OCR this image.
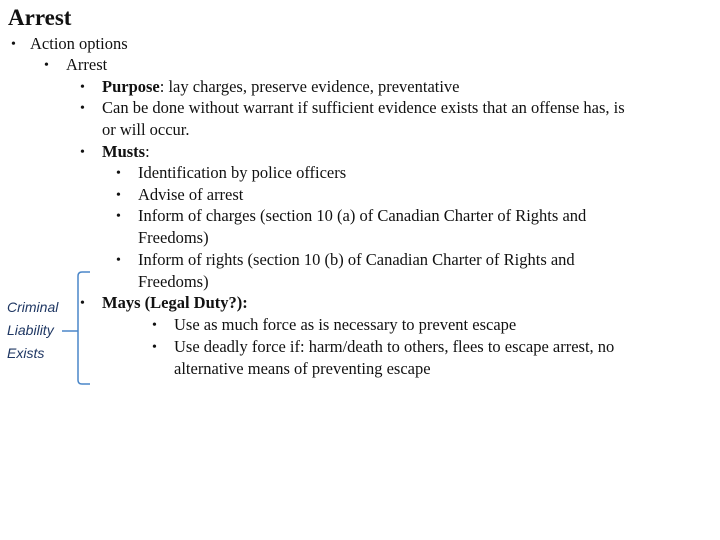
Arrest
• Action options
• Arrest
• Purpose: lay charges, preserve evidence, preventative
• Can be done without warrant if sufficient evidence exists that an offense has, is
or will occur.
• Musts:
• Identification by police officers
• Advise of arrest
• Inform of charges (section 10 (a) of Canadian Charter of Rights and
Freedoms)
• Inform of rights (section 10 (b) of Canadian Charter of Rights and
Freedoms)
• Mays (Legal Duty?):
• Use as much force as is necessary to prevent escape
• Use deadly force if: harm/death to others, flees to escape arrest, no
alternative means of preventing escape
Criminal
Liability
Exists
